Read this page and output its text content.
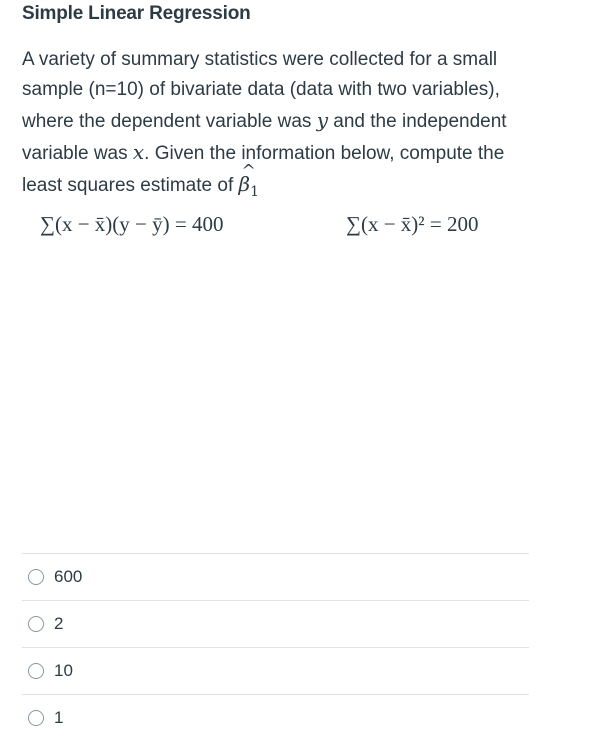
Simple Linear Regression
A variety of summary statistics were collected for a small sample (n=10) of bivariate data (data with two variables), where the dependent variable was y and the independent variable was x. Given the information below, compute the least squares estimate of
^
$\beta_1$
∑(x − x̄)(y − ȳ) = 400	∑(x − x̄)² = 200
600
2
10
1
